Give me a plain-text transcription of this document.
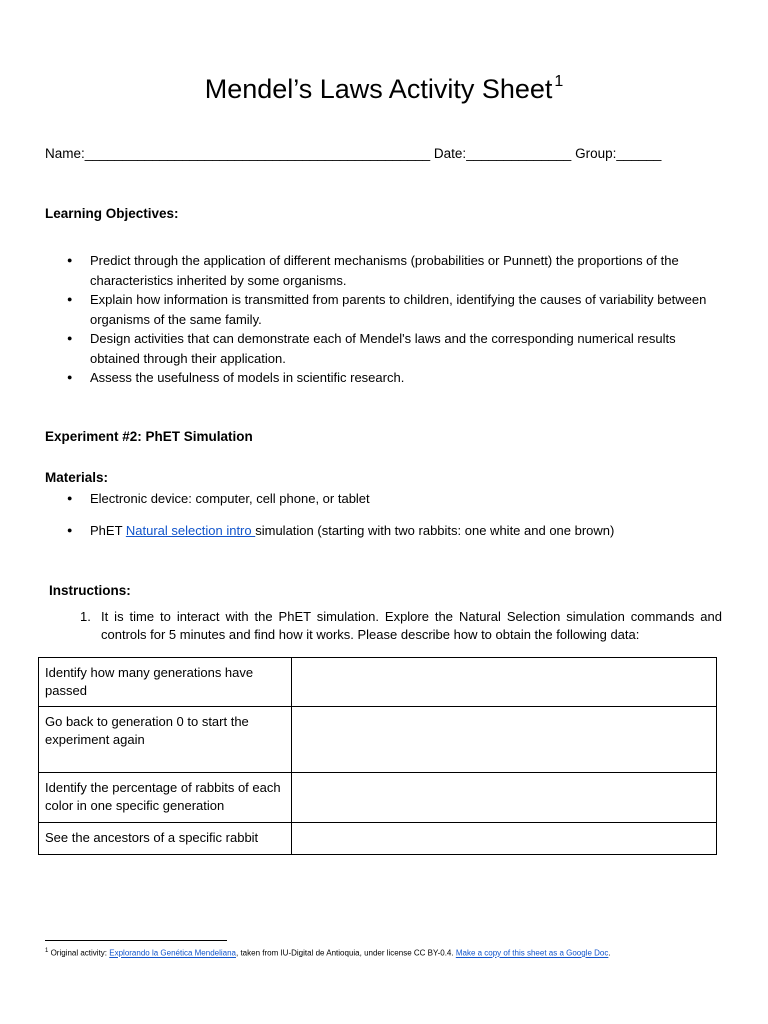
Mendel’s Laws Activity Sheet $^1$
Name:______________________________________________ Date:______________ Group:______
Learning Objectives:
● Predict through the application of different mechanisms (probabilities or Punnett) the proportions of the characteristics inherited by some organisms.
● Explain how information is transmitted from parents to children, identifying the causes of variability between organisms of the same family.
● Design activities that can demonstrate each of Mendel's laws and the corresponding numerical results obtained through their application.
● Assess the usefulness of models in scientific research.
Experiment #2: PhET Simulation
Materials:
● Electronic device: computer, cell phone, or tablet
● PhET Natural selection intro simulation (starting with two rabbits: one white and one brown)
Instructions:
1. It is time to interact with the PhET simulation. Explore the Natural Selection simulation commands and controls for 5 minutes and find how it works. Please describe how to obtain the following data:
Identify how many generations have passed	
Go back to generation 0 to start the experiment again	
Identify the percentage of rabbits of each color in one specific generation	
See the ancestors of a specific rabbit	
$^1$ Original activity: Explorando la Genética Mendeliana, taken from IU-Digital de Antioquia, under license CC BY-0.4. Make a copy of this sheet as a Google Doc.
